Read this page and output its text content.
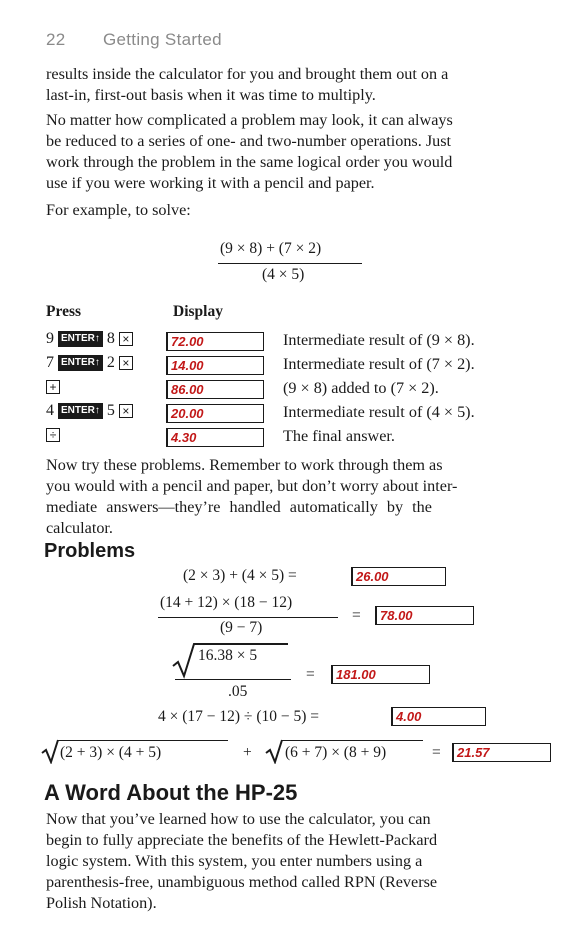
22 Getting Started
results inside the calculator for you and brought them out on a
last-in, first-out basis when it was time to multiply.
No matter how complicated a problem may look, it can always
be reduced to a series of one- and two-number operations. Just
work through the problem in the same logical order you would
use if you were working it with a pencil and paper.
For example, to solve:
(9 × 8) + (7 × 2)
(4 × 5)
Press	Display
9 ENTER↑ 8 ×	72.00	Intermediate result of (9 × 8).
7 ENTER↑ 2 ×	14.00	Intermediate result of (7 × 2).
+	86.00	(9 × 8) added to (7 × 2).
4 ENTER↑ 5 ×	20.00	Intermediate result of (4 × 5).
÷	4.30	The final answer.
Now try these problems. Remember to work through them as
you would with a pencil and paper, but don’t worry about inter-
mediate answers—they’re handled automatically by the
calculator.
Problems
(2 × 3) + (4 × 5) =	26.00
(14 + 12) × (18 − 12)
(9 − 7)
= 78.00
16.38 × 5
.05
= 181.00
4 × (17 − 12) ÷ (10 − 5) =	4.00
(2 + 3) × (4 + 5)	+ (6 + 7) × (8 + 9)	= 21.57
A Word About the HP-25
Now that you’ve learned how to use the calculator, you can
begin to fully appreciate the benefits of the Hewlett-Packard
logic system. With this system, you enter numbers using a
parenthesis-free, unambiguous method called RPN (Reverse
Polish Notation).
